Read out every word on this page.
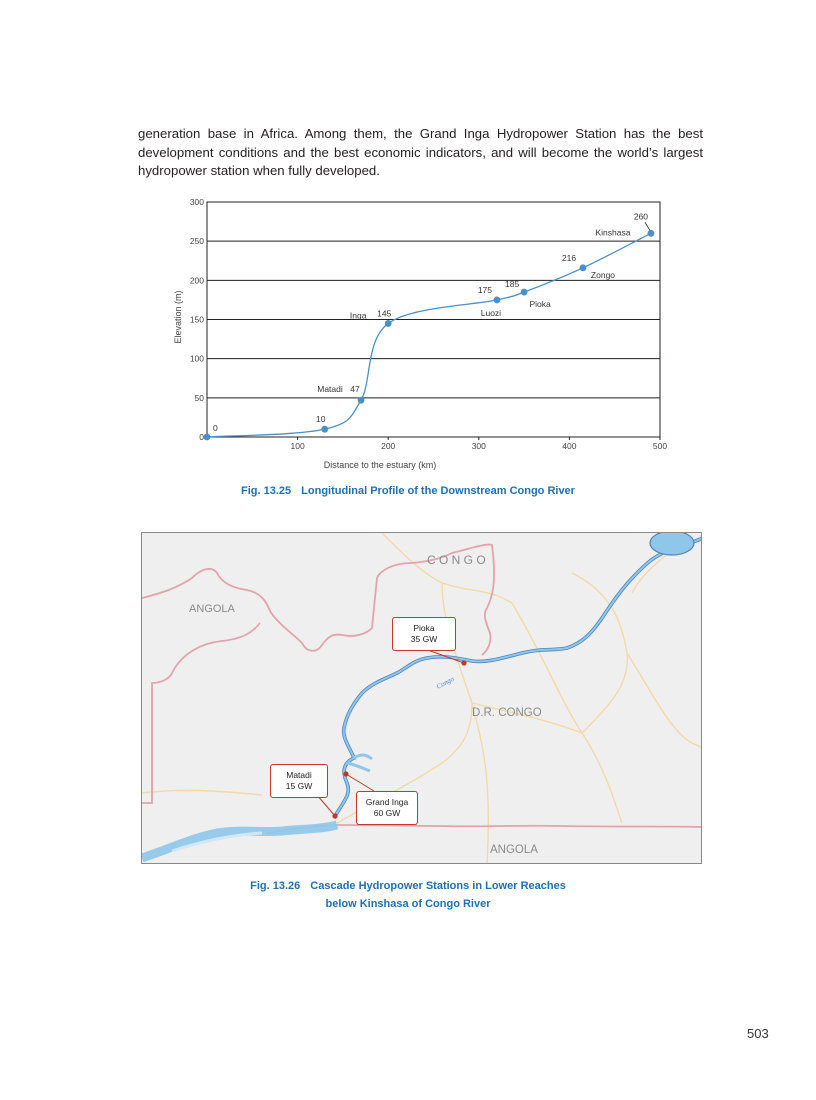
generation base in Africa. Among them, the Grand Inga Hydropower Station has the best development conditions and the best economic indicators, and will become the world’s largest hydropower station when fully developed.

0
50
100
150
200
250
300
100	200	300	400	500
0
10
47
Matadi
145
Inga
175
Luozi
185
Pioka
216
Zongo
260
Kinshasa
Distance to the estuary (km)
Elevation (m)
Fig. 13.25 Longitudinal Profile of the Downstream Congo River
Congo
C O N G O
ANGOLA
D.R. CONGO
ANGOLA
Pioka
35 GW
Matadi
15 GW
Grand Inga
60 GW
Fig. 13.26 Cascade Hydropower Stations in Lower Reaches
below Kinshasa of Congo River
503
